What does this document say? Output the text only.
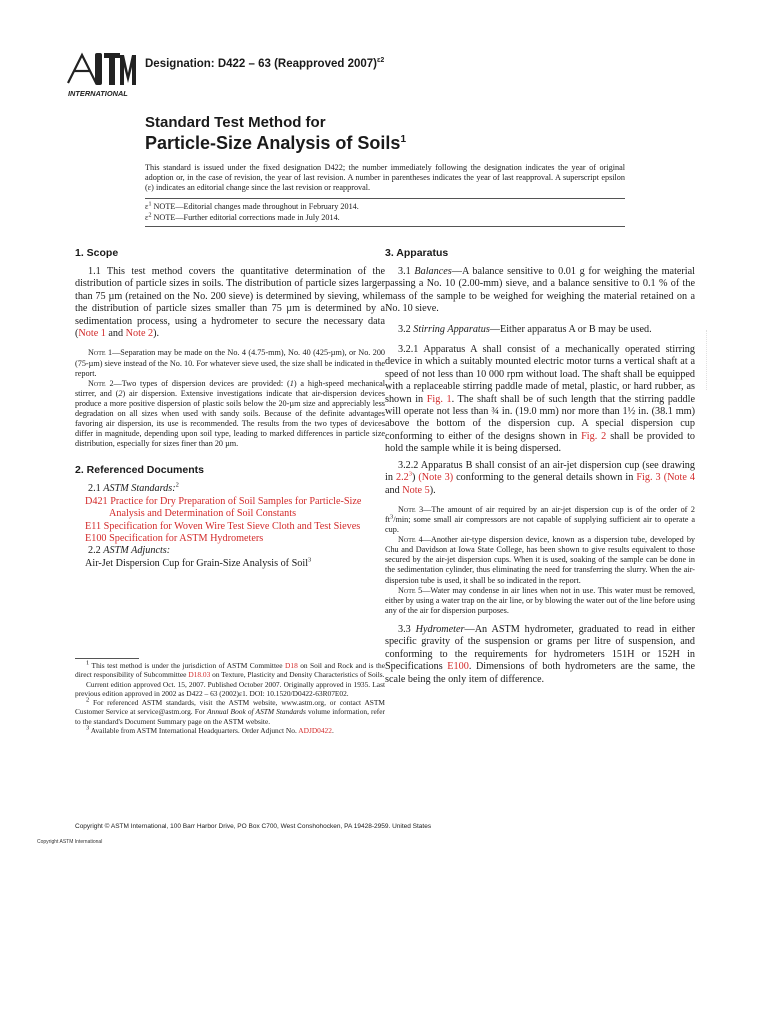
INTERNATIONAL
Designation: D422 – 63 (Reapproved 2007)$^{\varepsilon 2}$
Standard Test Method for
Particle-Size Analysis of Soils$^1$
This standard is issued under the fixed designation D422; the number immediately following the designation indicates the year of original adoption or, in the case of revision, the year of last revision. A number in parentheses indicates the year of last reapproval. A superscript epsilon (ε) indicates an editorial change since the last revision or reapproval.
$\varepsilon^1$ NOTE—Editorial changes made throughout in February 2014.
$\varepsilon^2$ NOTE—Further editorial corrections made in July 2014.
1. Scope

1.1 This test method covers the quantitative determination of the distribution of particle sizes in soils. The distribution of particle sizes larger than 75 µm (retained on the No. 200 sieve) is determined by sieving, while the distribution of particle sizes smaller than 75 µm is determined by a sedimentation process, using a hydrometer to secure the necessary data (Note 1 and Note 2).

Note 1—Separation may be made on the No. 4 (4.75-mm), No. 40 (425-µm), or No. 200 (75-µm) sieve instead of the No. 10. For whatever sieve used, the size shall be indicated in the report.

Note 2—Two types of dispersion devices are provided: (1) a high-speed mechanical stirrer, and (2) air dispersion. Extensive investigations indicate that air-dispersion devices produce a more positive dispersion of plastic soils below the 20-µm size and appreciably less degradation on all sizes when used with sandy soils. Because of the definite advantages favoring air dispersion, its use is recommended. The results from the two types of devices differ in magnitude, depending upon soil type, leading to marked differences in particle size distribution, especially for sizes finer than 20 µm.

2. Referenced Documents

2.1 ASTM Standards:$^2$

D421 Practice for Dry Preparation of Soil Samples for Particle-Size Analysis and Determination of Soil Constants

E11 Specification for Woven Wire Test Sieve Cloth and Test Sieves

E100 Specification for ASTM Hydrometers

2.2 ASTM Adjuncts:

Air-Jet Dispersion Cup for Grain-Size Analysis of Soil$^3$

$^1$ This test method is under the jurisdiction of ASTM Committee D18 on Soil and Rock and is the direct responsibility of Subcommittee D18.03 on Texture, Plasticity and Density Characteristics of Soils.

Current edition approved Oct. 15, 2007. Published October 2007. Originally approved in 1935. Last previous edition approved in 2002 as D422 – 63 (2002)ε1. DOI: 10.1520/D0422-63R07E02.

$^2$ For referenced ASTM standards, visit the ASTM website, www.astm.org, or contact ASTM Customer Service at service@astm.org. For Annual Book of ASTM Standards volume information, refer to the standard's Document Summary page on the ASTM website.

$^3$ Available from ASTM International Headquarters. Order Adjunct No. ADJD0422.

3. Apparatus

3.1 Balances—A balance sensitive to 0.01 g for weighing the material passing a No. 10 (2.00-mm) sieve, and a balance sensitive to 0.1 % of the mass of the sample to be weighed for weighing the material retained on a No. 10 sieve.

3.2 Stirring Apparatus—Either apparatus A or B may be used.

3.2.1 Apparatus A shall consist of a mechanically operated stirring device in which a suitably mounted electric motor turns a vertical shaft at a speed of not less than 10 000 rpm without load. The shaft shall be equipped with a replaceable stirring paddle made of metal, plastic, or hard rubber, as shown in Fig. 1. The shaft shall be of such length that the stirring paddle will operate not less than ¾ in. (19.0 mm) nor more than 1½ in. (38.1 mm) above the bottom of the dispersion cup. A special dispersion cup conforming to either of the designs shown in Fig. 2 shall be provided to hold the sample while it is being dispersed.

3.2.2 Apparatus B shall consist of an air-jet dispersion cup (see drawing in $2.2^3$) (Note 3) conforming to the general details shown in Fig. 3 (Note 4 and Note 5).

Note 3—The amount of air required by an air-jet dispersion cup is of the order of 2 $ft^3/\min$; some small air compressors are not capable of supplying sufficient air to operate a cup.

Note 4—Another air-type dispersion device, known as a dispersion tube, developed by Chu and Davidson at Iowa State College, has been shown to give results equivalent to those secured by the air-jet dispersion cups. When it is used, soaking of the sample can be done in the sedimentation cylinder, thus eliminating the need for transferring the slurry. When the air-dispersion tube is used, it shall be so indicated in the report.

Note 5—Water may condense in air lines when not in use. This water must be removed, either by using a water trap on the air line, or by blowing the water out of the line before using any of the air for dispersion purposes.

3.3 Hydrometer—An ASTM hydrometer, graduated to read in either specific gravity of the suspension or grams per litre of suspension, and conforming to the requirements for hydrometers 151H or 152H in Specifications E100. Dimensions of both hydrometers are the same, the scale being the only item of difference.

Copyright © ASTM International, 100 Barr Harbor Drive, PO Box C700, West Conshohocken, PA 19428-2959. United States
Copyright ASTM International
